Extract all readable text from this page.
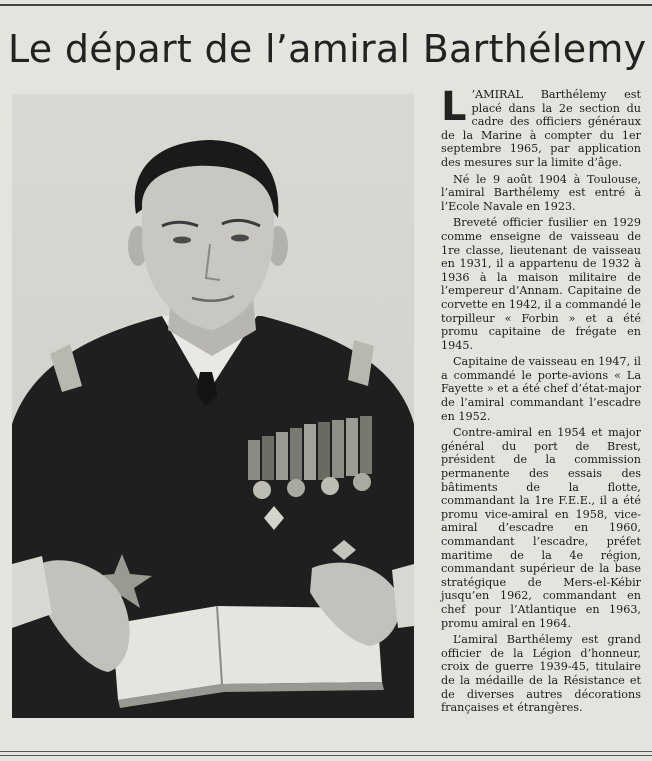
Le départ de l’amiral Barthélemy

L ’AMIRAL Barthélemy est placé dans la 2e section du cadre des officiers généraux de la Marine à compter du 1er septembre 1965, par application des mesures sur la limite d’âge.

Né le 9 août 1904 à Toulouse, l’amiral Barthélemy est entré à l’Ecole Navale en 1923.

Breveté officier fusilier en 1929 comme enseigne de vaisseau de 1re classe, lieutenant de vaisseau en 1931, il a appartenu de 1932 à 1936 à la maison militaire de l’empereur d’Annam. Capitaine de corvette en 1942, il a commandé le torpilleur « Forbin » et a été promu capitaine de frégate en 1945.

Capitaine de vaisseau en 1947, il a commandé le porte-avions « La Fayette » et a été chef d’état-major de l’amiral commandant l’escadre en 1952.

Contre-amiral en 1954 et major général du port de Brest, président de la commission permanente des essais des bâtiments de la flotte, commandant la 1re F.E.E., il a été promu vice-amiral en 1958, vice-amiral d’escadre en 1960, commandant l’escadre, préfet maritime de la 4e région, commandant supérieur de la base stratégique de Mers-el-Kébir jusqu’en 1962, commandant en chef pour l’Atlantique en 1963, promu amiral en 1964.

L’amiral Barthélemy est grand officier de la Légion d’honneur, croix de guerre 1939-45, titulaire de la médaille de la Résistance et de diverses autres décorations françaises et étrangères.
